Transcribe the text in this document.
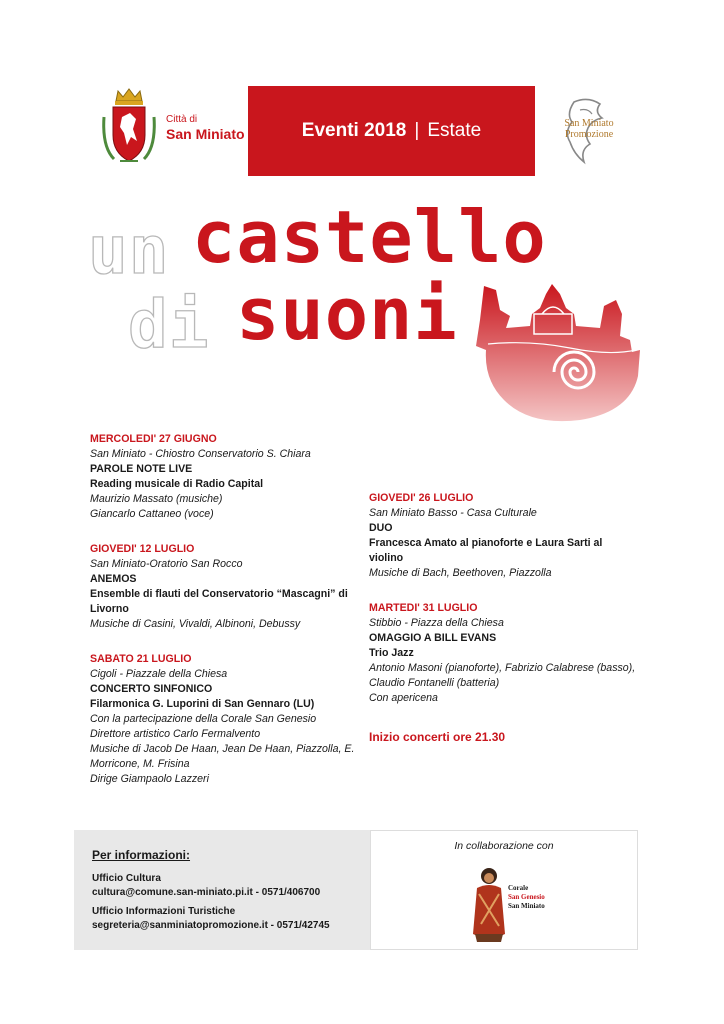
Città di
San Miniato	Eventi 2018 | Estate	San Miniato
Promozione
un castello
di suoni
MERCOLEDI' 27 GIUGNO
San Miniato - Chiostro Conservatorio S. Chiara
PAROLE NOTE LIVE
Reading musicale di Radio Capital
Maurizio Massato (musiche)
Giancarlo Cattaneo (voce)
GIOVEDI' 12 LUGLIO
San Miniato-Oratorio San Rocco
ANEMOS
Ensemble di flauti del Conservatorio “Mascagni” di Livorno
Musiche di Casini, Vivaldi, Albinoni, Debussy
SABATO 21 LUGLIO
Cigoli - Piazzale della Chiesa
CONCERTO SINFONICO
Filarmonica G. Luporini di San Gennaro (LU)
Con la partecipazione della Corale San Genesio
Direttore artistico Carlo Fermalvento
Musiche di Jacob De Haan, Jean De Haan, Piazzolla, E. Morricone, M. Frisina
Dirige Giampaolo Lazzeri
GIOVEDI' 26 LUGLIO
San Miniato Basso - Casa Culturale
DUO
Francesca Amato al pianoforte e Laura Sarti al violino
Musiche di Bach, Beethoven, Piazzolla
MARTEDI' 31 LUGLIO
Stibbio - Piazza della Chiesa
OMAGGIO A BILL EVANS
Trio Jazz
Antonio Masoni (pianoforte), Fabrizio Calabrese (basso), Claudio Fontanelli (batteria)
Con apericena
Inizio concerti ore 21.30
Per informazioni:
Ufficio Cultura
cultura@comune.san-miniato.pi.it - 0571/406700
Ufficio Informazioni Turistiche
segreteria@sanminiatopromozione.it - 0571/42745
In collaborazione con
Corale
San Genesio
San Miniato
